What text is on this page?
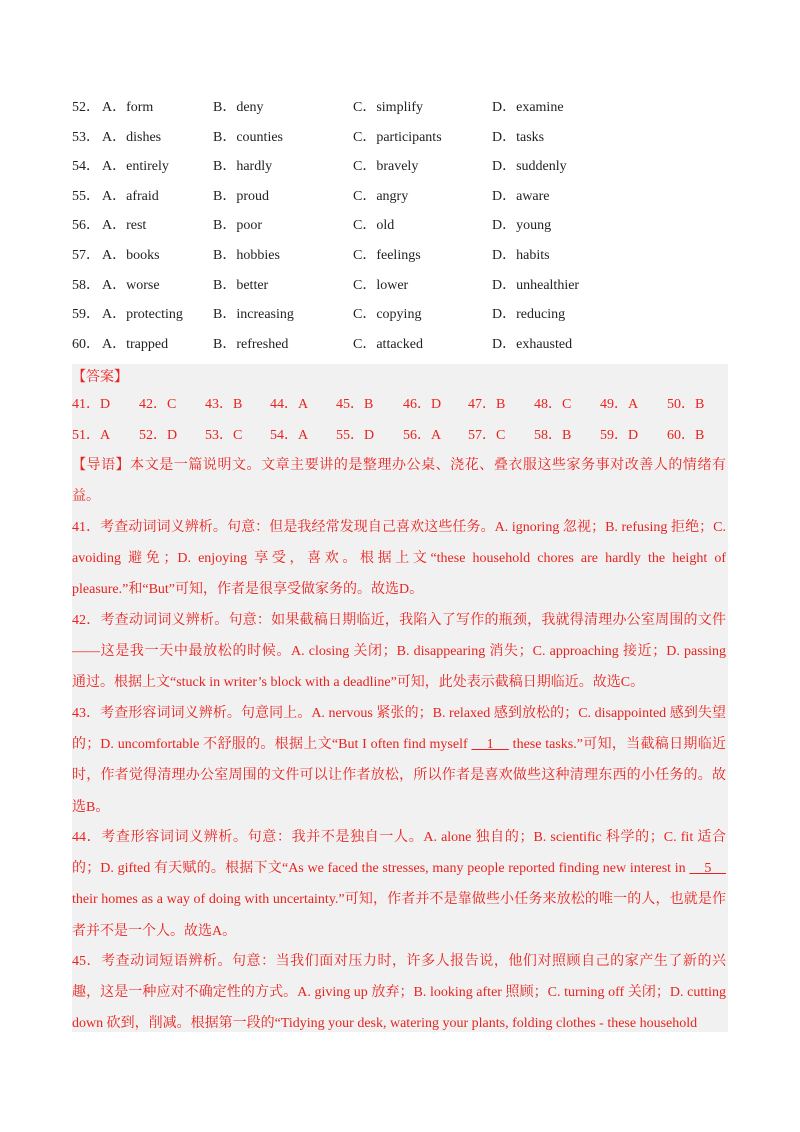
52． A．form	B．deny	C．simplify	D．examine
53． A．dishes	B．counties	C．participants	D．tasks
54． A．entirely	B．hardly	C．bravely	D．suddenly
55． A．afraid	B．proud	C．angry	D．aware
56． A．rest	B．poor	C．old	D．young
57． A．books	B．hobbies	C．feelings	D．habits
58． A．worse	B．better	C．lower	D．unhealthier
59． A．protecting B．increasing	C．copying	D．reducing
60． A．trapped	B．refreshed	C．attacked	D．exhausted
【答案】
41．D 42．C 43．B 44．A 45．B 46．D 47．B 48．C 49．A 50．B
51．A 52．D 53．C 54．A 55．D 56．A 57．C 58．B 59．D 60．B

【导语】本文是一篇说明文。文章主要讲的是整理办公桌、浇花、叠衣服这些家务事对改善人的情绪有益。

41．考查动词词义辨析。句意：但是我经常发现自己喜欢这些任务。A. ignoring 忽视；B. refusing 拒绝；C. avoiding 避免；D. enjoying 享受，喜欢。根据上文“these household chores are hardly the height of pleasure.”和“But”可知，作者是很享受做家务的。故选D。

42．考查动词词义辨析。句意：如果截稿日期临近，我陷入了写作的瓶颈，我就得清理办公室周围的文件——这是我一天中最放松的时候。A. closing 关闭；B. disappearing 消失；C. approaching 接近；D. passing 通过。根据上文“stuck in writer’s block with a deadline”可知，此处表示截稿日期临近。故选C。

43．考查形容词词义辨析。句意同上。A. nervous 紧张的；B. relaxed 感到放松的；C. disappointed 感到失望的；D. uncomfortable 不舒服的。根据上文“But I often find myself     1     these tasks.”可知，当截稿日期临近时，作者觉得清理办公室周围的文件可以让作者放松，所以作者是喜欢做些这种清理东西的小任务的。故选B。

44．考查形容词词义辨析。句意：我并不是独自一人。A. alone 独自的；B. scientific 科学的；C. fit 适合的；D. gifted 有天赋的。根据下文“As we faced the stresses, many people reported finding new interest in     5     their homes as a way of doing with uncertainty.”可知，作者并不是靠做些小任务来放松的唯一的人，也就是作者并不是一个人。故选A。

45．考查动词短语辨析。句意：当我们面对压力时，许多人报告说，他们对照顾自己的家产生了新的兴趣，这是一种应对不确定性的方式。A. giving up 放弃；B. looking after 照顾；C. turning off 关闭；D. cutting down 砍到，削减。根据第一段的“Tidying your desk, watering your plants, folding clothes - these household
